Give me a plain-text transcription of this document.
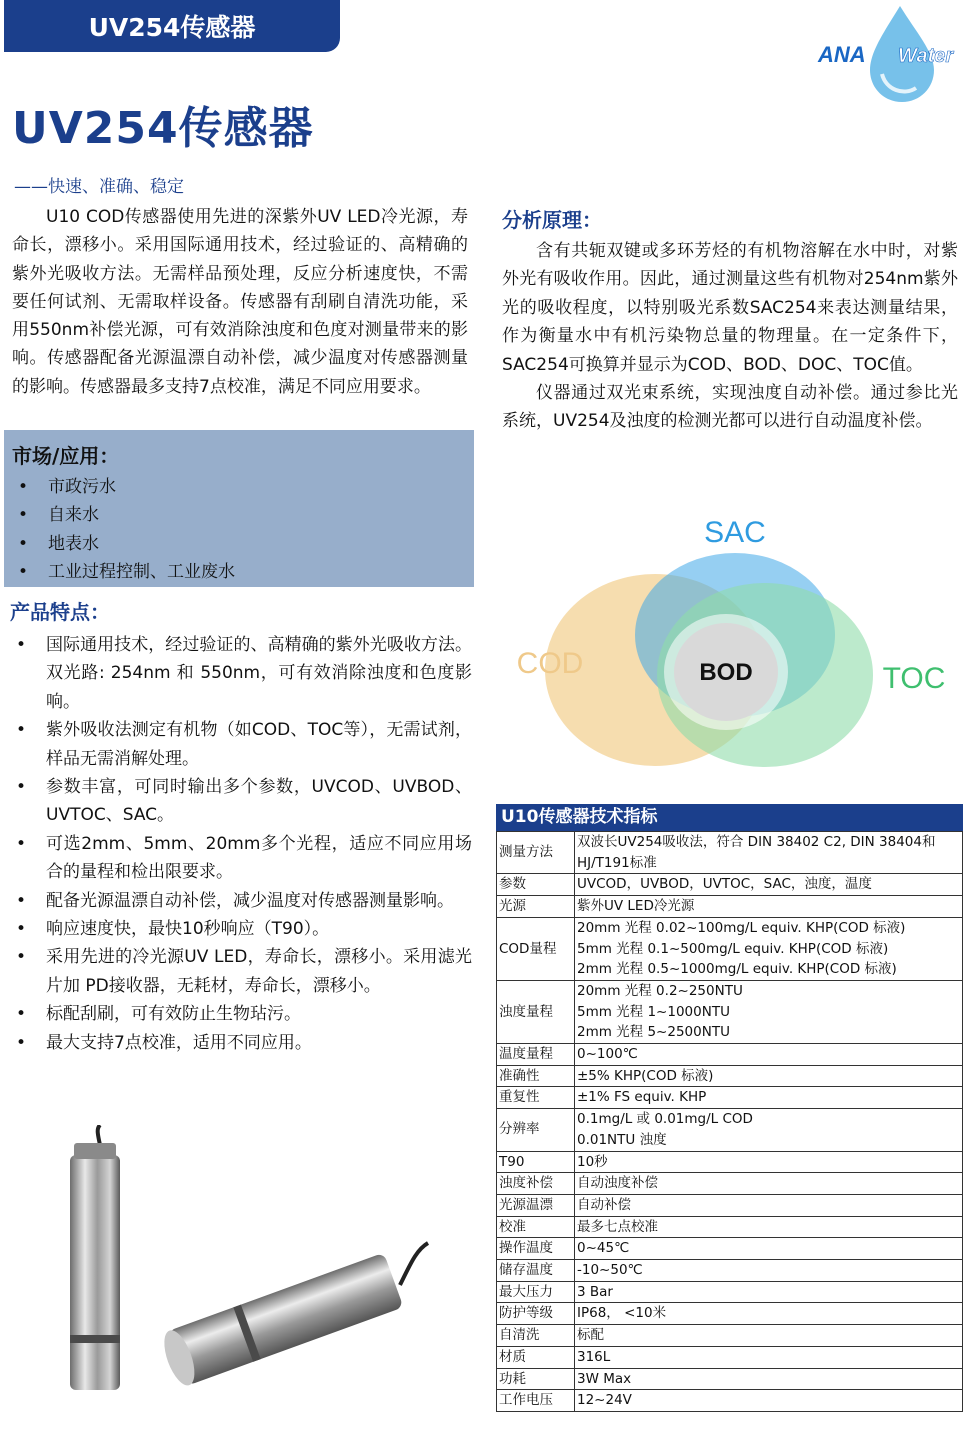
UV254传感器
ANA Water
UV254传感器
——快速、准确、稳定

U10 COD传感器使用先进的深紫外UV LED冷光源，寿命长，漂移小。采用国际通用技术，经过验证的、高精确的紫外光吸收方法。无需样品预处理，反应分析速度快，不需要任何试剂、无需取样设备。传感器有刮刷自清洗功能，采用550nm补偿光源，可有效消除浊度和色度对测量带来的影响。传感器配备光源温漂自动补偿，减少温度对传感器测量的影响。传感器最多支持7点校准，满足不同应用要求。

市场/应用：
• 市政污水
• 自来水
• 地表水
• 工业过程控制、工业废水
产品特点：
• 国际通用技术，经过验证的、高精确的紫外光吸收方法。双光路: 254nm 和 550nm，可有效消除浊度和色度影响。
• 紫外吸收法测定有机物（如COD、TOC等），无需试剂， 样品无需消解处理。
• 参数丰富，可同时输出多个参数，UVCOD、UVBOD、UVTOC、SAC。
• 可选2mm、5mm、20mm多个光程，适应不同应用场合的量程和检出限要求。
• 配备光源温漂自动补偿，减少温度对传感器测量影响。
• 响应速度快，最快10秒响应（T90）。
• 采用先进的冷光源UV LED，寿命长，漂移小。采用滤光片加 PD接收器，无耗材，寿命长，漂移小。
• 标配刮刷，可有效防止生物玷污。
• 最大支持7点校准，适用不同应用。
分析原理：

含有共轭双键或多环芳烃的有机物溶解在水中时，对紫外光有吸收作用。因此，通过测量这些有机物对254nm紫外光的吸收程度，以特别吸光系数SAC254来表达测量结果，作为衡量水中有机污染物总量的物理量。在一定条件下，SAC254可换算并显示为COD、BOD、DOC、TOC值。

仪器通过双光束系统，实现浊度自动补偿。通过参比光系统，UV254及浊度的检测光都可以进行自动温度补偿。

SAC
COD	TOC
BOD
U10传感器技术指标
测量方法	双波长UV254吸收法，符合 DIN 38402 C2, DIN 38404和
HJ/T191标准

参数	UVCOD，UVBOD，UVTOC，SAC，浊度，温度

光源	紫外UV LED冷光源

COD量程	20mm 光程 0.02~100mg/L equiv. KHP(COD 标液)
5mm 光程 0.1~500mg/L equiv. KHP(COD 标液)
2mm 光程 0.5~1000mg/L equiv. KHP(COD 标液)

浊度量程	20mm 光程 0.2~250NTU
5mm 光程 1~1000NTU
2mm 光程 5~2500NTU

温度量程	0~100℃

准确性	±5% KHP(COD 标液)

重复性	±1% FS equiv. KHP

分辨率	0.1mg/L 或 0.01mg/L COD
0.01NTU 浊度

T90	10秒

浊度补偿	自动浊度补偿

光源温漂	自动补偿

校准	最多七点校准

操作温度	0~45℃

储存温度	-10~50℃

最大压力	3 Bar

防护等级	IP68， <10米

自清洗	标配

材质	316L

功耗	3W Max

工作电压	12~24V
